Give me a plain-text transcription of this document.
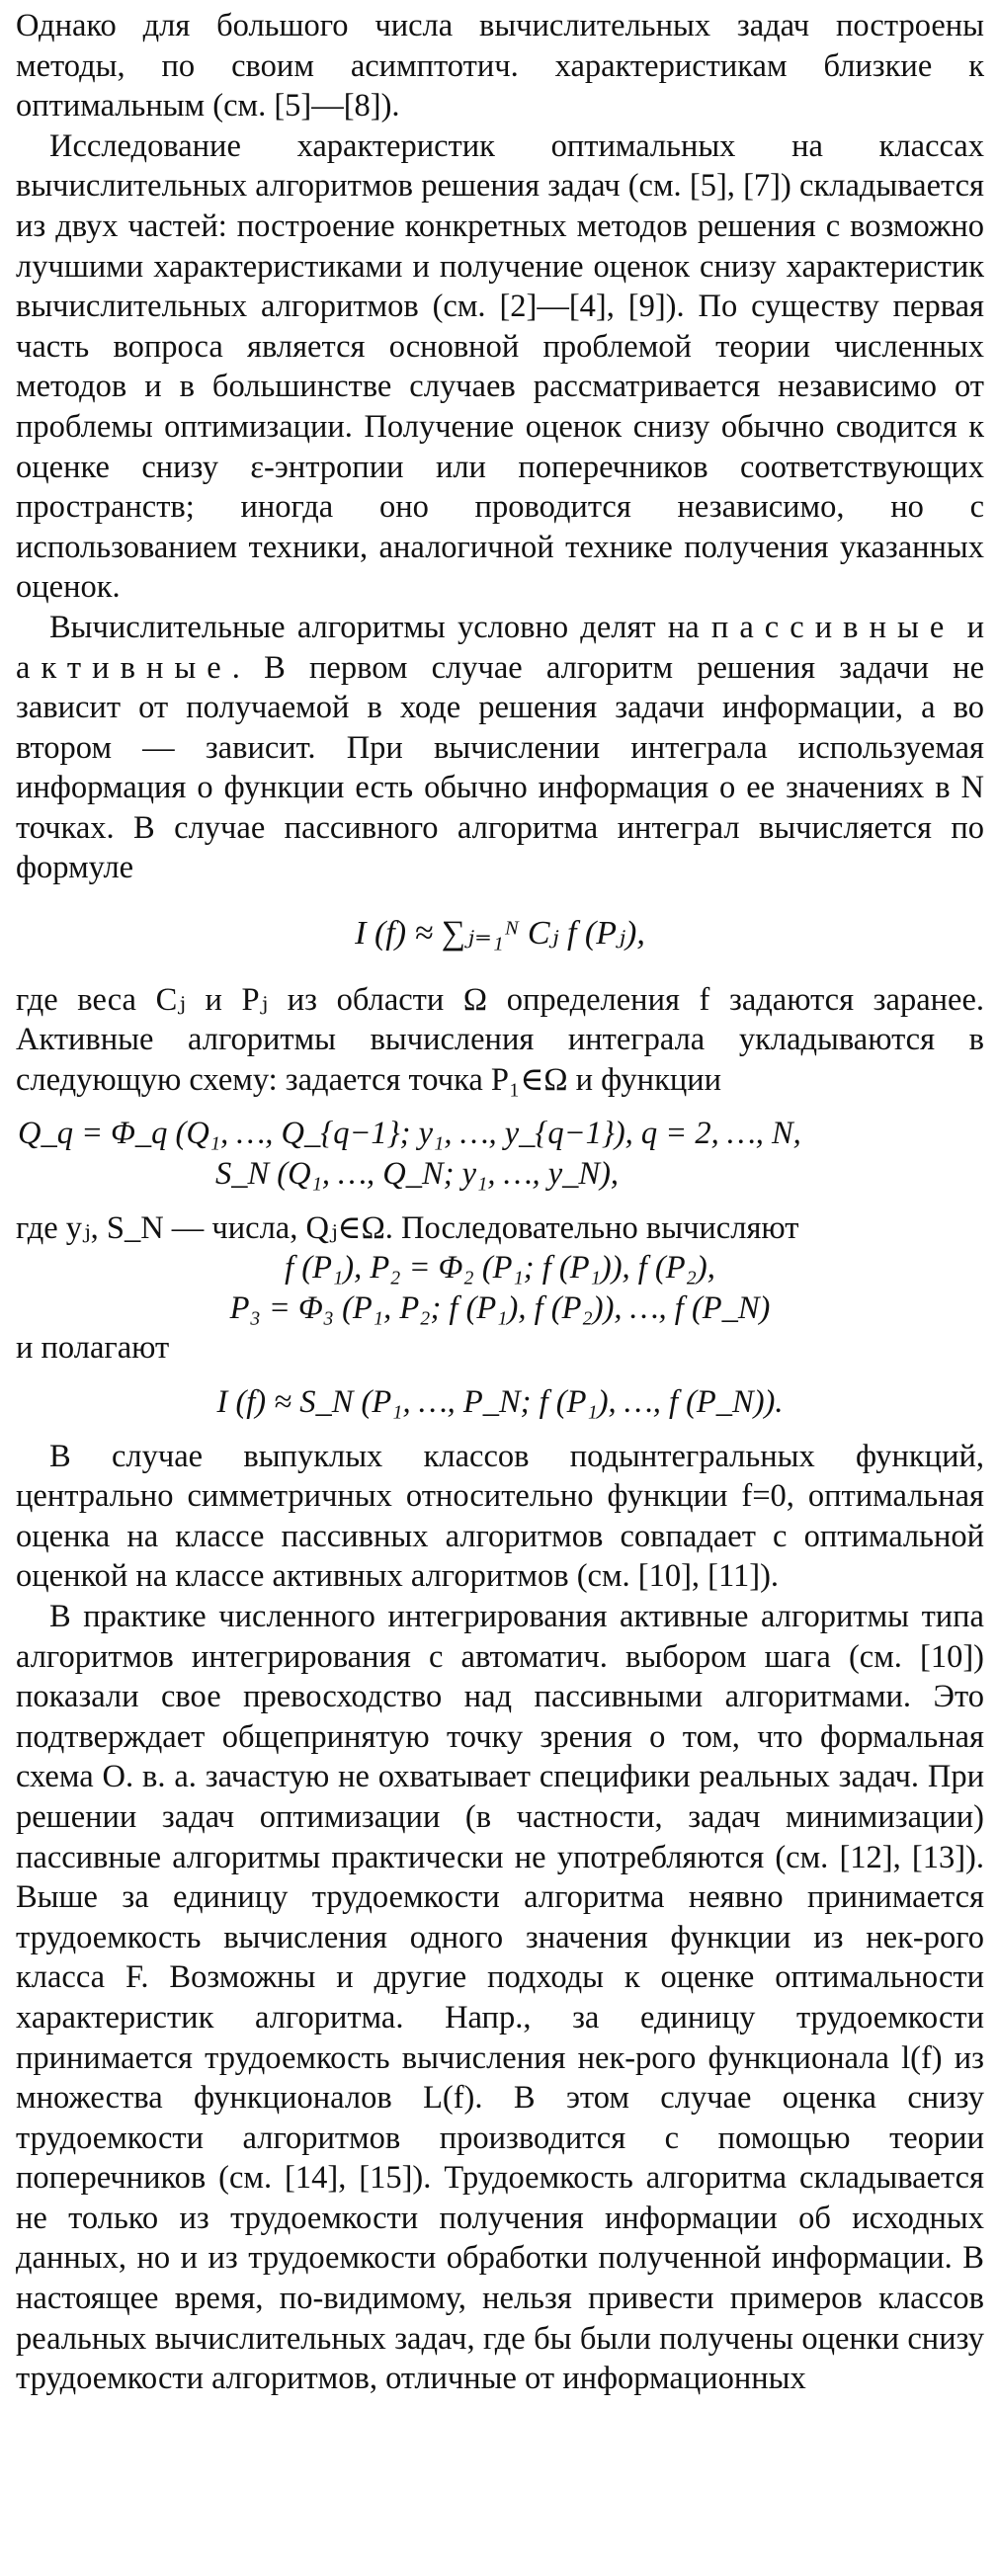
Однако для большого числа вычислительных задач построены методы, по своим асимптотич. характеристикам близкие к оптимальным (см. [5]—[8]).

Исследование характеристик оптимальных на классах вычислительных алгоритмов решения задач (см. [5], [7]) складывается из двух частей: построение конкретных методов решения с возможно лучшими характеристиками и получение оценок снизу характеристик вычислительных алгоритмов (см. [2]—[4], [9]). По существу первая часть вопроса является основной проблемой теории численных методов и в большинстве случаев рассматривается независимо от проблемы оптимизации. Получение оценок снизу обычно сводится к оценке снизу ε-энтропии или поперечников соответствующих пространств; иногда оно проводится независимо, но с использованием техники, аналогичной технике получения указанных оценок.

Вычислительные алгоритмы условно делят на пассивные и активные. В первом случае алгоритм решения задачи не зависит от получаемой в ходе решения задачи информации, а во втором — зависит. При вычислении интеграла используемая информация о функции есть обычно информация о ее значениях в N точках. В случае пассивного алгоритма интеграл вычисляется по формуле

I (f) ≈ ∑ⱼ₌₁ᴺ Cⱼ f (Pⱼ),

где веса Cⱼ и Pⱼ из области Ω определения f задаются заранее. Активные алгоритмы вычисления интеграла укладываются в следующую схему: задается точка P₁∈Ω и функции

Q_q = Φ_q (Q₁, …, Q_{q−1}; y₁, …, y_{q−1}), q = 2, …, N,
S_N (Q₁, …, Q_N; y₁, …, y_N),

где yⱼ, S_N — числа, Qⱼ∈Ω. Последовательно вычисляют

f (P₁), P₂ = Φ₂ (P₁; f (P₁)), f (P₂),
P₃ = Φ₃ (P₁, P₂; f (P₁), f (P₂)), …, f (P_N)

и полагают

I (f) ≈ S_N (P₁, …, P_N; f (P₁), …, f (P_N)).

В случае выпуклых классов подынтегральных функций, центрально симметричных относительно функции f=0, оптимальная оценка на классе пассивных алгоритмов совпадает с оптимальной оценкой на классе активных алгоритмов (см. [10], [11]).

В практике численного интегрирования активные алгоритмы типа алгоритмов интегрирования с автоматич. выбором шага (см. [10]) показали свое превосходство над пассивными алгоритмами. Это подтверждает общепринятую точку зрения о том, что формальная схема О. в. а. зачастую не охватывает специфики реальных задач. При решении задач оптимизации (в частности, задач минимизации) пассивные алгоритмы практически не употребляются (см. [12], [13]). Выше за единицу трудоемкости алгоритма неявно принимается трудоемкость вычисления одного значения функции из нек-рого класса F. Возможны и другие подходы к оценке оптимальности характеристик алгоритма. Напр., за единицу трудоемкости принимается трудоемкость вычисления нек-рого функционала l(f) из множества функционалов L(f). В этом случае оценка снизу трудоемкости алгоритмов производится с помощью теории поперечников (см. [14], [15]). Трудоемкость алгоритма складывается не только из трудоемкости получения информации об исходных данных, но и из трудоемкости обработки полученной информации. В настоящее время, по-видимому, нельзя привести примеров классов реальных вычислительных задач, где бы были получены оценки снизу трудоемкости алгоритмов, отличные от информационных
